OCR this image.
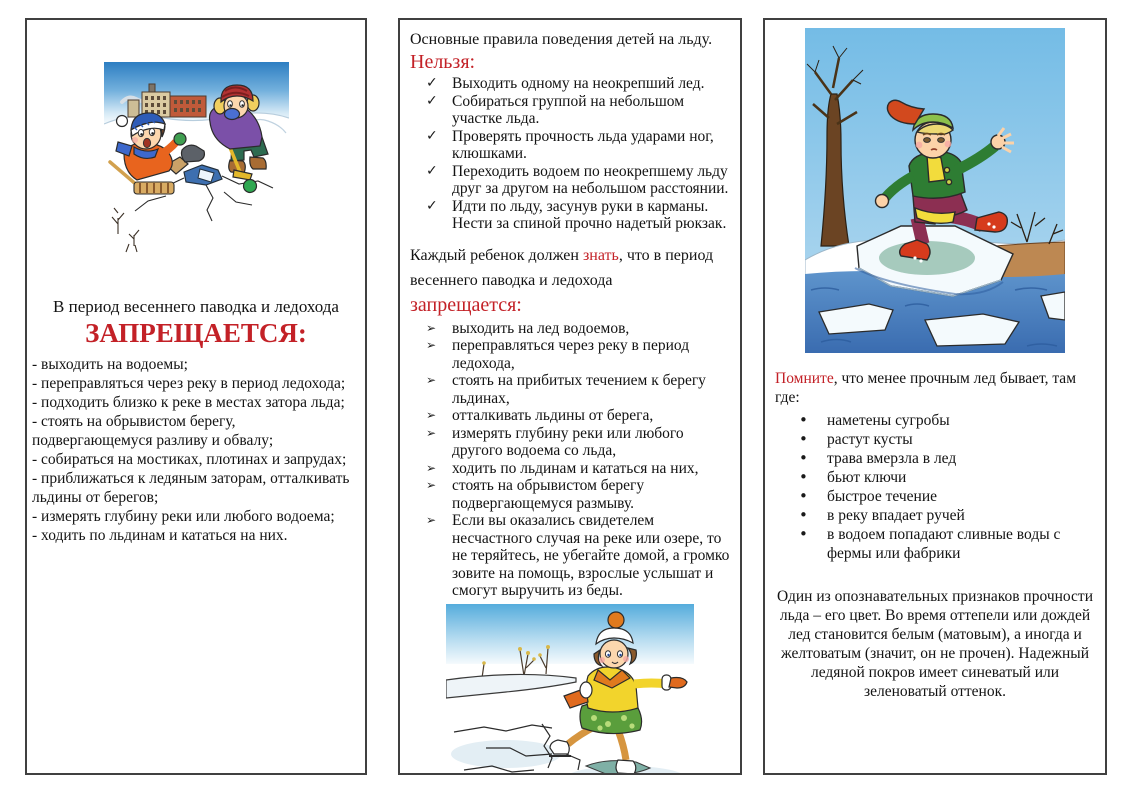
В период весеннего паводка и ледохода
ЗАПРЕЩАЕТСЯ:

- выходить на водоемы;

- переправляться через реку в период ледохода;

- подходить близко к реке в местах затора льда;

- стоять на обрывистом берегу, подвергающемуся разливу и обвалу;

- собираться на мостиках, плотинах и запрудах;

- приближаться к ледяным заторам, отталкивать льдины от берегов;

- измерять глубину реки или любого водоема;

- ходить по льдинам и кататься на них.

Основные правила поведения детей на льду.

Нельзя:

✓ Выходить одному на неокрепший лед.
✓ Собираться группой на небольшом участке льда.
✓ Проверять прочность льда ударами ног, клюшками.
✓ Переходить водоем по неокрепшему льду друг за другом на небольшом расстоянии.
✓ Идти по льду, засунув руки в карманы. Нести за спиной прочно надетый рюкзак.

Каждый ребенок должен знать, что в период весеннего паводка и ледохода запрещается:

➢	выходить на лед водоемов,
➢	переправляться через реку в период ледохода,
➢	стоять на прибитых течением к берегу льдинах,
➢	отталкивать льдины от берега,
➢	измерять глубину реки или любого другого водоема со льда,
➢	ходить по льдинам и кататься на них,
➢	стоять на обрывистом берегу подвергающемуся размыву.
➢	Если вы оказались свидетелем несчастного случая на реке или озере, то не теряйтесь, не убегайте домой, а громко зовите на помощь, взрослые услышат и смогут выручить из беды.

Помните, что менее прочным лед бывает, там где:

•	наметены сугробы
•	растут кусты
•	трава вмерзла в лед
•	бьют ключи
•	быстрое течение
•	в реку впадает ручей
•	в водоем попадают сливные воды с фермы или фабрики

Один из опознавательных признаков прочности льда – его цвет. Во время оттепели или дождей лед становится белым (матовым), а иногда и желтоватым (значит, он не прочен). Надежный ледяной покров имеет синеватый или зеленоватый оттенок.
